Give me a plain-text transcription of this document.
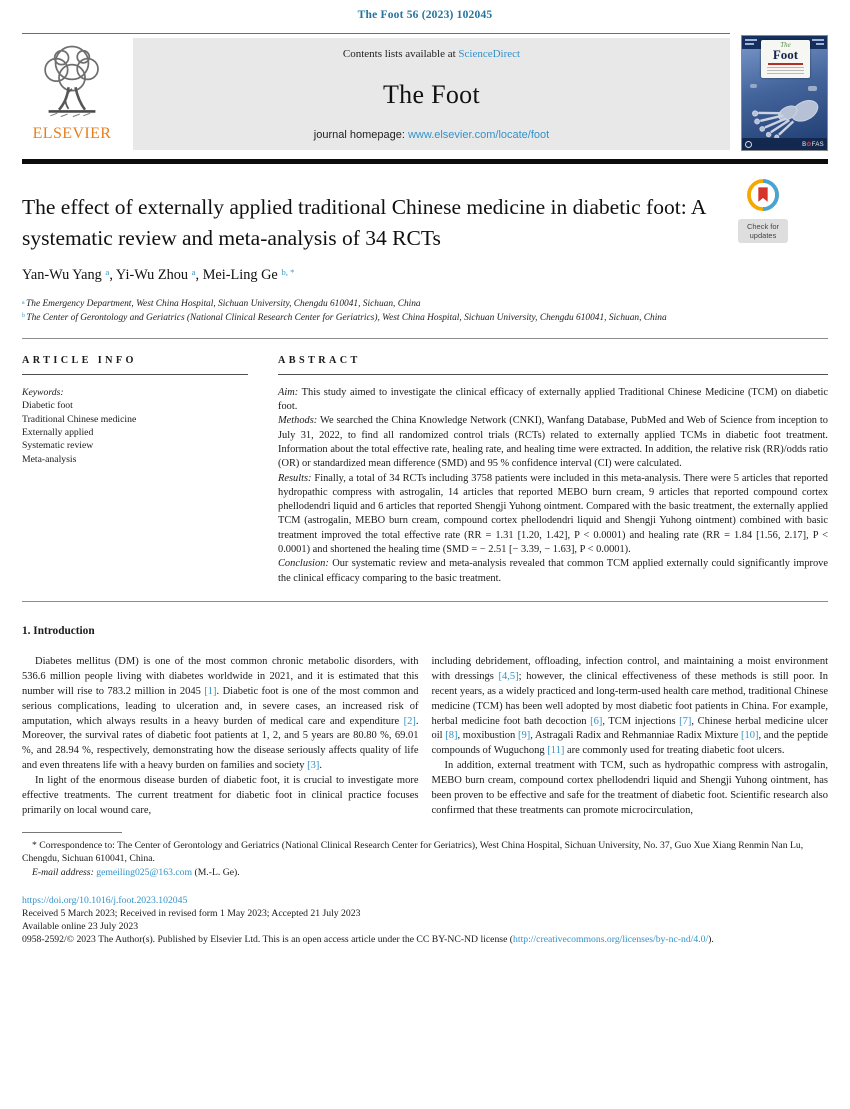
The Foot 56 (2023) 102045
ELSEVIER
Contents lists available at ScienceDirect
The Foot
journal homepage: www.elsevier.com/locate/foot
The
Foot
B✿FAS
The effect of externally applied traditional Chinese medicine in diabetic foot: A systematic review and meta-analysis of 34 RCTs	Check for updates
Yan-Wu Yang $^a$, Yi-Wu Zhou $^a$, Mei-Ling Ge $^{b, *}$
$^a$ The Emergency Department, West China Hospital, Sichuan University, Chengdu 610041, Sichuan, China
$^b$ The Center of Gerontology and Geriatrics (National Clinical Research Center for Geriatrics), West China Hospital, Sichuan University, Chengdu 610041, Sichuan, China
ARTICLE INFO
Keywords:
Diabetic foot
Traditional Chinese medicine
Externally applied
Systematic review
Meta-analysis
ABSTRACT

Aim: This study aimed to investigate the clinical efficacy of externally applied Traditional Chinese Medicine (TCM) on diabetic foot.

Methods: We searched the China Knowledge Network (CNKI), Wanfang Database, PubMed and Web of Science from inception to July 31, 2022, to find all randomized control trials (RCTs) related to externally applied TCMs in diabetic foot treatment. Information about the total effective rate, healing rate, and healing time were extracted. In addition, the relative risk (RR)/odds ratio (OR) or standardized mean difference (SMD) and 95 % confidence interval (CI) were calculated.

Results: Finally, a total of 34 RCTs including 3758 patients were included in this meta-analysis. There were 5 articles that reported hydropathic compress with astrogalin, 14 articles that reported MEBO burn cream, 9 articles that reported compound cortex phellodendri liquid and 6 articles that reported Shengji Yuhong ointment. Compared with the basic treatment, the externally applied TCM (astrogalin, MEBO burn cream, compound cortex phellodendri liquid and Shengji Yuhong ointment) combined with basic treatment improved the total effective rate (RR = 1.31 [1.20, 1.42], P < 0.0001) and healing rate (RR = 1.84 [1.56, 2.17], P < 0.0001) and shortened the healing time (SMD = − 2.51 [− 3.39, − 1.63], P < 0.0001).

Conclusion: Our systematic review and meta-analysis revealed that common TCM applied externally could significantly improve the clinical efficacy comparing to the basic treatment.

1. Introduction

Diabetes mellitus (DM) is one of the most common chronic metabolic disorders, with 536.6 million people living with diabetes worldwide in 2021, and it is estimated that this number will rise to 783.2 million in 2045 [1]. Diabetic foot is one of the most common and serious complications, leading to ulceration and, in severe cases, an increased risk of amputation, which always results in a heavy burden of medical care and expenditure [2]. Moreover, the survival rates of diabetic foot patients at 1, 2, and 5 years are 80.80 %, 69.01 %, and 28.94 %, respectively, demonstrating how the disease seriously affects quality of life and even threatens life with a heavy burden on families and society [3].

In light of the enormous disease burden of diabetic foot, it is crucial to investigate more effective treatments. The current treatment for diabetic foot in clinical practice focuses primarily on local wound care,

including debridement, offloading, infection control, and maintaining a moist environment with dressings [4,5]; however, the clinical effectiveness of these methods is still poor. In recent years, as a widely practiced and long-term-used health care method, traditional Chinese medicine (TCM) has been well adopted by most diabetic foot patients in China. For example, herbal medicine foot bath decoction [6], TCM injections [7], Chinese herbal medicine ulcer oil [8], moxibustion [9], Astragali Radix and Rehmanniae Radix Mixture [10], and the peptide compounds of Wuguchong [11] are commonly used for treating diabetic foot ulcers.

In addition, external treatment with TCM, such as hydropathic compress with astrogalin, MEBO burn cream, compound cortex phellodendri liquid and Shengji Yuhong ointment, has been proven to be effective and safe for the treatment of diabetic foot. Scientific research also confirmed that these treatments can promote microcirculation,

* Correspondence to: The Center of Gerontology and Geriatrics (National Clinical Research Center for Geriatrics), West China Hospital, Sichuan University, No. 37, Guo Xue Xiang Renmin Nan Lu, Chengdu, Sichuan 610041, China.

E-mail address: gemeiling025@163.com (M.-L. Ge).

https://doi.org/10.1016/j.foot.2023.102045
Received 5 March 2023; Received in revised form 1 May 2023; Accepted 21 July 2023
Available online 23 July 2023
0958-2592/© 2023 The Author(s). Published by Elsevier Ltd. This is an open access article under the CC BY-NC-ND license (http://creativecommons.org/licenses/by-nc-nd/4.0/).
